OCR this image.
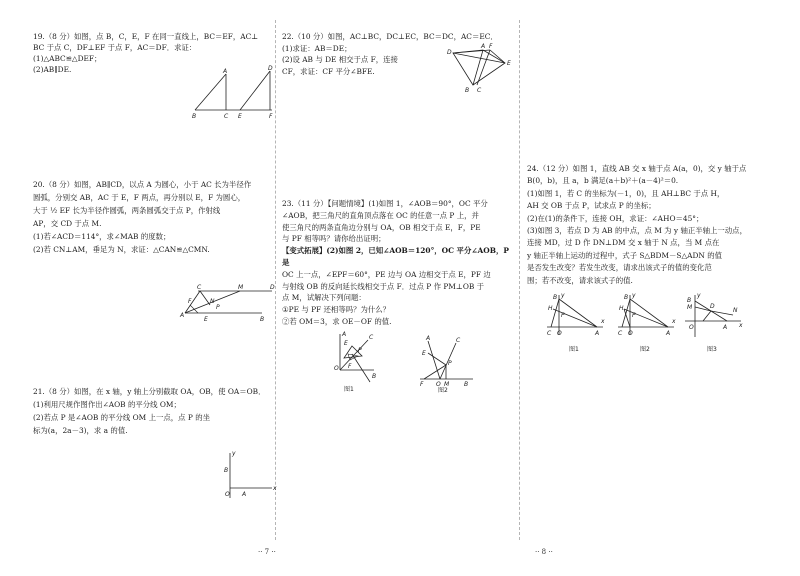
19.（8 分）如图，点 B，C，E，F 在同一直线上，BC＝EF，AC⊥

BC 于点 C，DF⊥EF 于点 F，AC＝DF．求证：

(1)△ABC≌△DEF；

(2)AB∥DE.	A	D
B	C E	F

20.（8 分）如图，AB∥CD，以点 A 为圆心，小于 AC 长为半径作

圆弧，分别交 AB，AC 于 E，F 两点，再分别以 E，F 为圆心，

大于 ½ EF 长为半径作圆弧，两条圆弧交于点 P，作射线

AP，交 CD 于点 M.

(1)若∠ACD＝114°，求∠MAB 的度数；

(2)若 CN⊥AM，垂足为 N，求证：△CAN≌△CMN.

C	D
A
B
E
F
M
N
P

21.（8 分）如图，在 x 轴，y 轴上分别截取 OA，OB，使 OA＝OB．

(1)利用尺规作图作出∠AOB 的平分线 OM；

(2)若点 P 是∠AOB 的平分线 OM 上一点，点 P 的坐

标为(a，2a－3)，求 a 的值.

y
x
B
O A

22.（10 分）如图，AC⊥BC，DC⊥EC，BC＝DC，AC＝EC．

(1)求证：AB＝DE；

(2)设 AB 与 DE 相交于点 F，连接

CF，求证：CF 平分∠BFE.

D
A F
E
B C

23.（11 分）【问题情境】(1)如图 1，∠AOB＝90°，OC 平分

∠AOB，把三角尺的直角顶点落在 OC 的任意一点 P 上，并

使三角尺的两条直角边分别与 OA，OB 相交于点 E，F，PE

与 PF 相等吗？请你给出证明；

【变式拓展】(2)如图 2，已知∠AOB＝120°，OC 平分∠AOB，P 是

OC 上一点，∠EPF＝60°，PE 边与 OA 边相交于点 E，PF 边

与射线 OB 的反向延长线相交于点 F．过点 P 作 PM⊥OB 于

点 M，试解决下列问题：

①PE 与 PF 还相等吗？为什么？

②若 OM＝3，求 OE－OF 的值.

A	C
E
P
O F
B
图1
A	C
E
P
F O M B
图2

24.（12 分）如图 1，直线 AB 交 x 轴于点 A(a，0)，交 y 轴于点

B(0，b)，且 a，b 满足(a＋b)²＋(a－4)²＝0.

(1)如图 1，若 C 的坐标为(－1，0)，且 AH⊥BC 于点 H，

AH 交 OB 于点 P，试求点 P 的坐标；

(2)在(1)的条件下，连接 OH，求证：∠AHO＝45°；

(3)如图 3，若点 D 为 AB 的中点，点 M 为 y 轴正半轴上一动点，

连接 MD，过 D 作 DN⊥DM 交 x 轴于 N 点，当 M 点在

y 轴正半轴上运动的过程中，式子 S△BDM－S△ADN 的值

是否发生改变？若发生改变，请求出该式子的值的变化范

围；若不改变，请求该式子的值.

y
B
H
P
C O	A
x
图1
y
B
H
P
C O	A
x
图2
y
B
M	D
N
O	A x
图3
·· 7 ··	·· 8 ··
